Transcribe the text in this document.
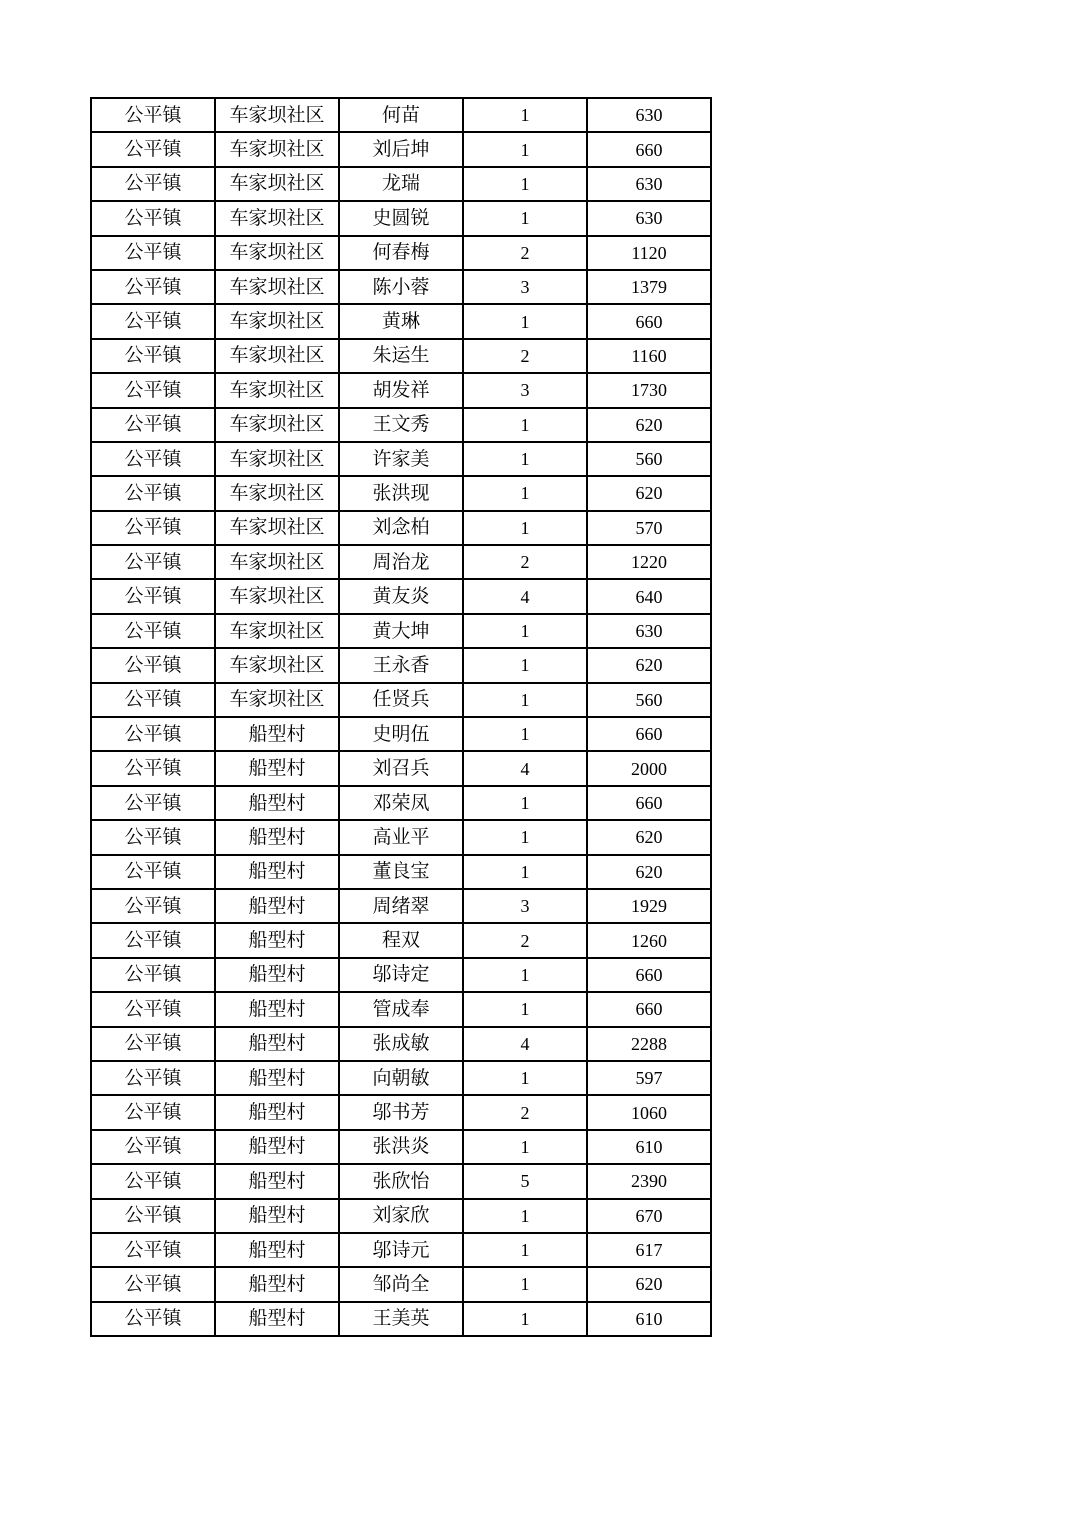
公平镇	车家坝社区	何苗	1	630
公平镇	车家坝社区	刘后坤	1	660
公平镇	车家坝社区	龙瑞	1	630
公平镇	车家坝社区	史圆锐	1	630
公平镇	车家坝社区	何春梅	2	1120
公平镇	车家坝社区	陈小蓉	3	1379
公平镇	车家坝社区	黄琳	1	660
公平镇	车家坝社区	朱运生	2	1160
公平镇	车家坝社区	胡发祥	3	1730
公平镇	车家坝社区	王文秀	1	620
公平镇	车家坝社区	许家美	1	560
公平镇	车家坝社区	张洪现	1	620
公平镇	车家坝社区	刘念柏	1	570
公平镇	车家坝社区	周治龙	2	1220
公平镇	车家坝社区	黄友炎	4	640
公平镇	车家坝社区	黄大坤	1	630
公平镇	车家坝社区	王永香	1	620
公平镇	车家坝社区	任贤兵	1	560
公平镇	船型村	史明伍	1	660
公平镇	船型村	刘召兵	4	2000
公平镇	船型村	邓荣凤	1	660
公平镇	船型村	高业平	1	620
公平镇	船型村	董良宝	1	620
公平镇	船型村	周绪翠	3	1929
公平镇	船型村	程双	2	1260
公平镇	船型村	邬诗定	1	660
公平镇	船型村	管成奉	1	660
公平镇	船型村	张成敏	4	2288
公平镇	船型村	向朝敏	1	597
公平镇	船型村	邬书芳	2	1060
公平镇	船型村	张洪炎	1	610
公平镇	船型村	张欣怡	5	2390
公平镇	船型村	刘家欣	1	670
公平镇	船型村	邬诗元	1	617
公平镇	船型村	邹尚全	1	620
公平镇	船型村	王美英	1	610
